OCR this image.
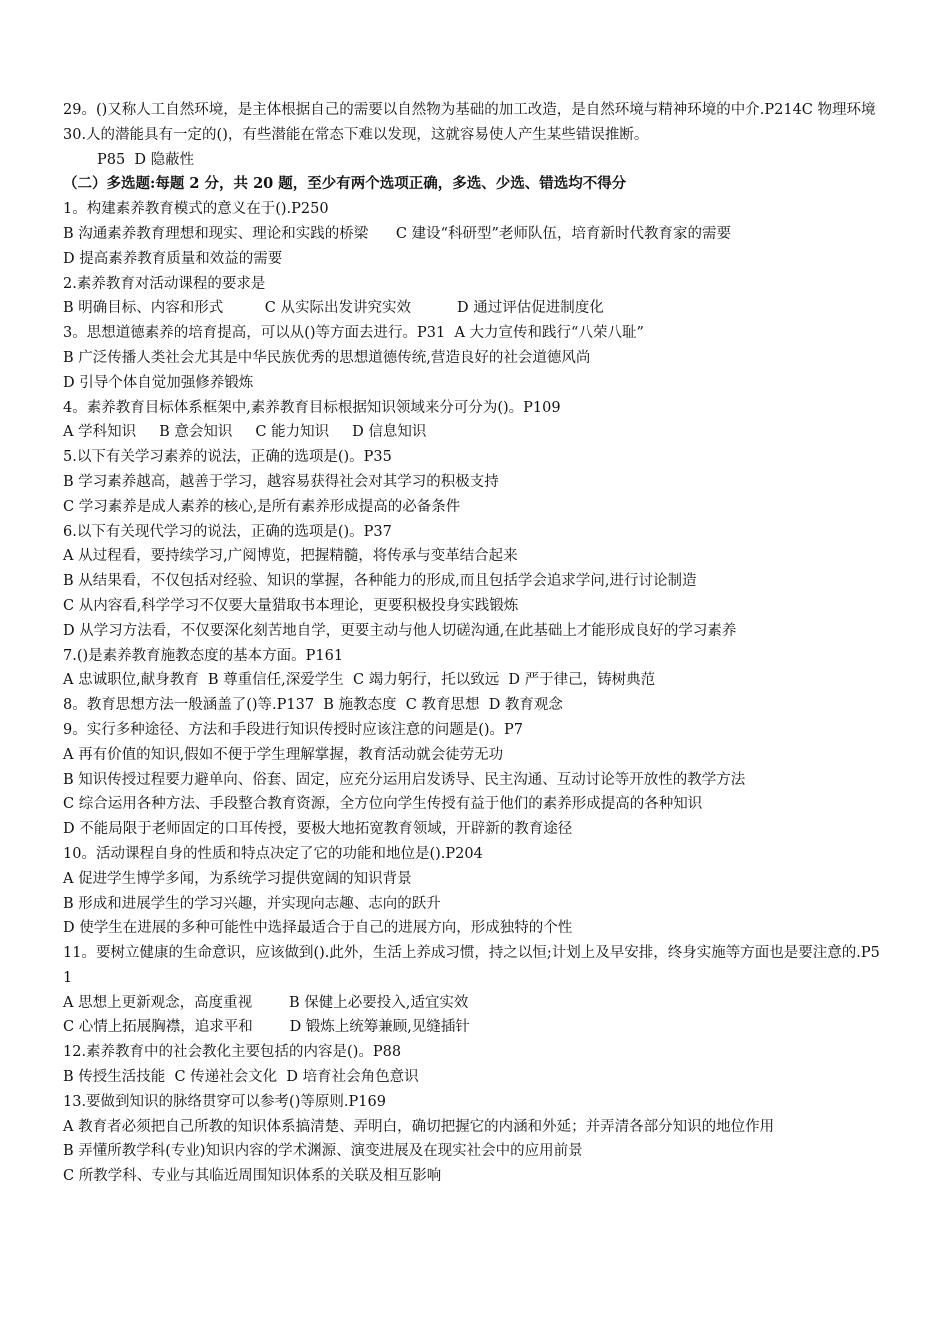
29。()又称人工自然环境，是主体根据自己的需要以自然物为基础的加工改造，是自然环境与精神环境的中介.P214C 物理环境
30.人的潜能具有一定的()，有些潜能在常态下难以发现，这就容易使人产生某些错误推断。
P85  D 隐蔽性
（二）多选题:每题 2 分，共 20 题，至少有两个选项正确，多选、少选、错选均不得分
1。构建素养教育模式的意义在于().P250
B 沟通素养教育理想和现实、理论和实践的桥梁      C 建设“科研型”老师队伍，培育新时代教育家的需要
D 提高素养教育质量和效益的需要
2.素养教育对活动课程的要求是
B 明确目标、内容和形式         C 从实际出发讲究实效          D 通过评估促进制度化
3。思想道德素养的培育提高，可以从()等方面去进行。P31  A 大力宣传和践行“八荣八耻”
B 广泛传播人类社会尤其是中华民族优秀的思想道德传统,营造良好的社会道德风尚
D 引导个体自觉加强修养锻炼
4。素养教育目标体系框架中,素养教育目标根据知识领域来分可分为()。P109
A 学科知识     B 意会知识     C 能力知识     D 信息知识
5.以下有关学习素养的说法，正确的选项是()。P35
B 学习素养越高，越善于学习，越容易获得社会对其学习的积极支持
C 学习素养是成人素养的核心,是所有素养形成提高的必备条件
6.以下有关现代学习的说法，正确的选项是()。P37
A 从过程看，要持续学习,广阅博览，把握精髓，将传承与变革结合起来
B 从结果看，不仅包括对经验、知识的掌握，各种能力的形成,而且包括学会追求学问,进行讨论制造
C 从内容看,科学学习不仅要大量猎取书本理论，更要积极投身实践锻炼
D 从学习方法看，不仅要深化刻苦地自学，更要主动与他人切磋沟通,在此基础上才能形成良好的学习素养
7.()是素养教育施教态度的基本方面。P161
A 忠诚职位,献身教育  B 尊重信任,深爱学生  C 竭力躬行，托以致远  D 严于律己，铸树典范
8。教育思想方法一般涵盖了()等.P137  B 施教态度  C 教育思想  D 教育观念
9。实行多种途径、方法和手段进行知识传授时应该注意的问题是()。P7
A 再有价值的知识,假如不便于学生理解掌握，教育活动就会徒劳无功
B 知识传授过程要力避单向、俗套、固定，应充分运用启发诱导、民主沟通、互动讨论等开放性的教学方法
C 综合运用各种方法、手段整合教育资源，全方位向学生传授有益于他们的素养形成提高的各种知识
D 不能局限于老师固定的口耳传授，要极大地拓宽教育领域，开辟新的教育途径
10。活动课程自身的性质和特点决定了它的功能和地位是().P204
A 促进学生博学多闻，为系统学习提供宽阔的知识背景
B 形成和进展学生的学习兴趣，并实现向志趣、志向的跃升
D 使学生在进展的多种可能性中选择最适合于自己的进展方向，形成独特的个性
11。要树立健康的生命意识，应该做到().此外，生活上养成习惯，持之以恒;计划上及早安排，终身实施等方面也是要注意的.P51
A 思想上更新观念，高度重视        B 保健上必要投入,适宜实效
C 心情上拓展胸襟，追求平和        D 锻炼上统筹兼顾,见缝插针
12.素养教育中的社会教化主要包括的内容是()。P88
B 传授生活技能  C 传递社会文化  D 培育社会角色意识
13.要做到知识的脉络贯穿可以参考()等原则.P169
A 教育者必须把自己所教的知识体系搞清楚、弄明白，确切把握它的内涵和外延；并弄清各部分知识的地位作用
B 弄懂所教学科(专业)知识内容的学术渊源、演变进展及在现实社会中的应用前景
C 所教学科、专业与其临近周围知识体系的关联及相互影响
